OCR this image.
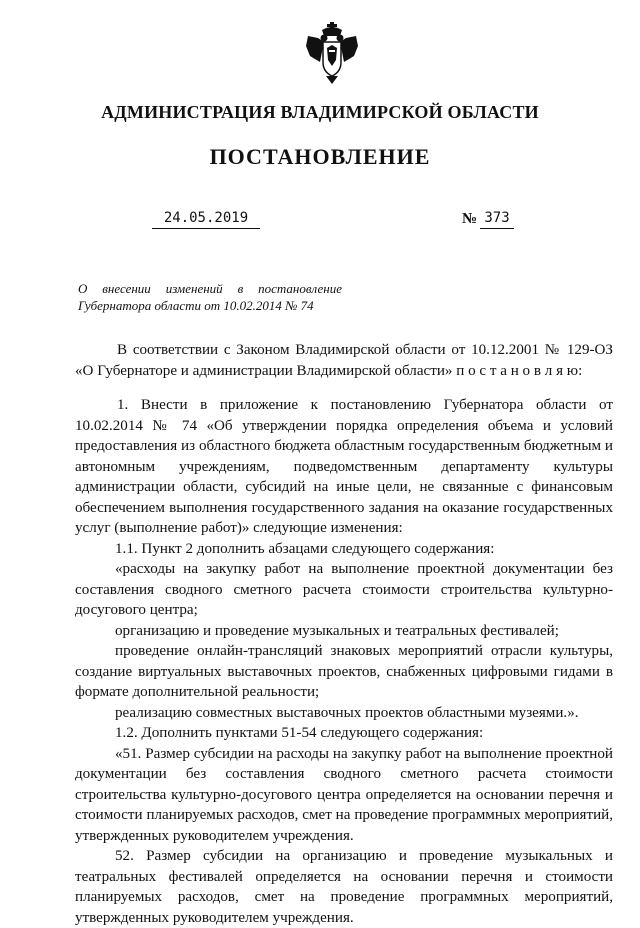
АДМИНИСТРАЦИЯ ВЛАДИМИРСКОЙ ОБЛАСТИ
ПОСТАНОВЛЕНИЕ
24.05.2019	№ 373
О внесении изменений в постановление
Губернатора области от 10.02.2014 № 74

В соответствии с Законом Владимирской области от 10.12.2001 № 129-ОЗ «О Губернаторе и администрации Владимирской области» п о с т а н о в л я ю:

1. Внести в приложение к постановлению Губернатора области от 10.02.2014 № 74 «Об утверждении порядка определения объема и условий предоставления из областного бюджета областным государственным бюджетным и автономным учреждениям, подведомственным департаменту культуры администрации области, субсидий на иные цели, не связанные с финансовым обеспечением выполнения государственного задания на оказание государственных услуг (выполнение работ)» следующие изменения:

1.1. Пункт 2 дополнить абзацами следующего содержания:

«расходы на закупку работ на выполнение проектной документации без составления сводного сметного расчета стоимости строительства культурно-досугового центра;

организацию и проведение музыкальных и театральных фестивалей;

проведение онлайн-трансляций знаковых мероприятий отрасли культуры, создание виртуальных выставочных проектов, снабженных цифровыми гидами в формате дополнительной реальности;

реализацию совместных выставочных проектов областными музеями.».

1.2. Дополнить пунктами 51-54 следующего содержания:

«51. Размер субсидии на расходы на закупку работ на выполнение проектной документации без составления сводного сметного расчета стоимости строительства культурно-досугового центра определяется на основании перечня и стоимости планируемых расходов, смет на проведение программных мероприятий, утвержденных руководителем учреждения.

52. Размер субсидии на организацию и проведение музыкальных и театральных фестивалей определяется на основании перечня и стоимости планируемых расходов, смет на проведение программных мероприятий, утвержденных руководителем учреждения.
